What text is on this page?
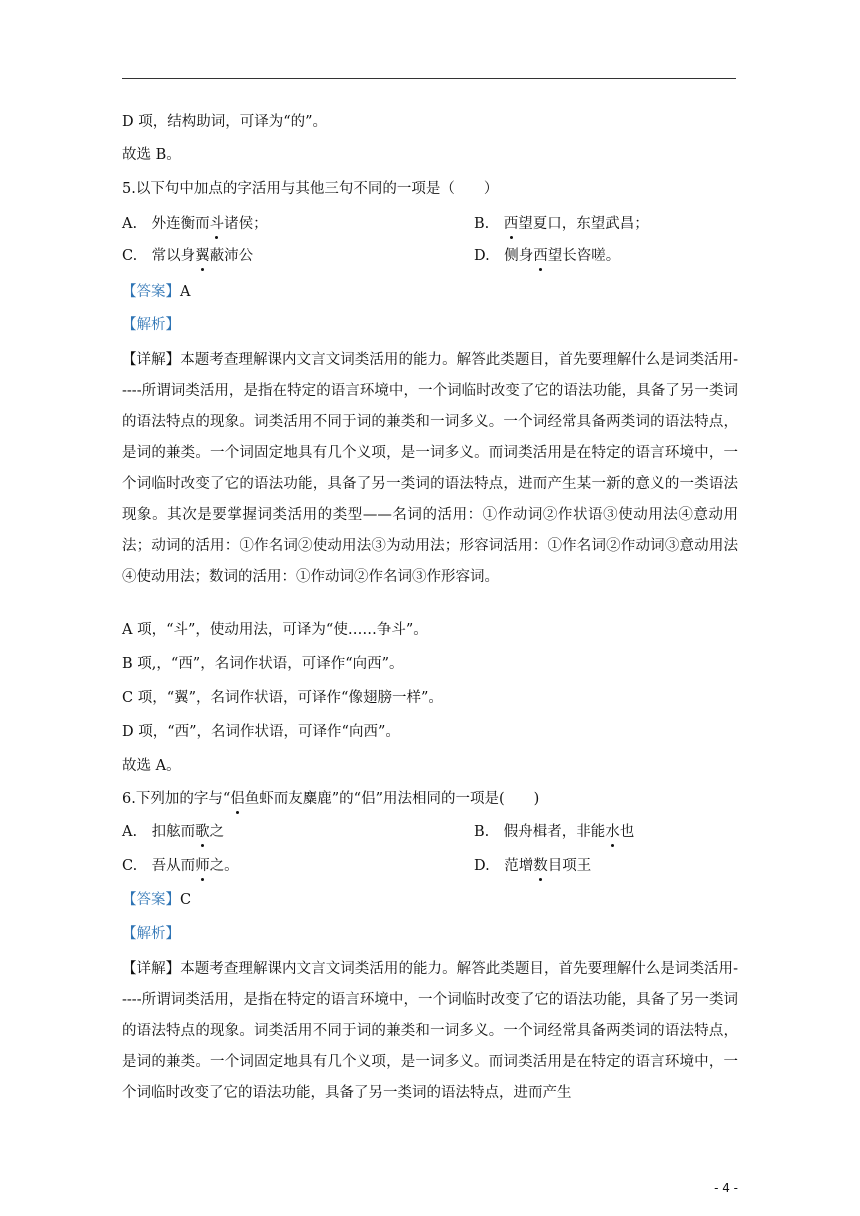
D 项，结构助词，可译为“的”。
故选 B。
5.以下句中加点的字活用与其他三句不同的一项是（　　）
A.　外连衡而斗诸侯；	B.　西望夏口，东望武昌；
C.　常以身翼蔽沛公	D.　侧身西望长咨嗟。
【答案】A
【解析】
【详解】本题考查理解课内文言文词类活用的能力。解答此类题目，首先要理解什么是词类活用-----所谓词类活用，是指在特定的语言环境中，一个词临时改变了它的语法功能，具备了另一类词的语法特点的现象。词类活用不同于词的兼类和一词多义。一个词经常具备两类词的语法特点，是词的兼类。一个词固定地具有几个义项，是一词多义。而词类活用是在特定的语言环境中，一个词临时改变了它的语法功能，具备了另一类词的语法特点，进而产生某一新的意义的一类语法现象。其次是要掌握词类活用的类型——名词的活用：①作动词②作状语③使动用法④意动用法；动词的活用：①作名词②使动用法③为动用法；形容词活用：①作名词②作动词③意动用法④使动用法；数词的活用：①作动词②作名词③作形容词。
A 项，“斗”，使动用法，可译为“使……争斗”。
B 项,，“西”，名词作状语，可译作“向西”。
C 项，“翼”，名词作状语，可译作“像翅膀一样”。
D 项，“西”，名词作状语，可译作“向西”。
故选 A。
6.下列加的字与“侣鱼虾而友麋鹿”的“侣”用法相同的一项是(　　)
A.　扣舷而歌之	B.　假舟楫者，非能水也
C.　吾从而师之。	D.　范增数目项王
【答案】C
【解析】
【详解】本题考查理解课内文言文词类活用的能力。解答此类题目，首先要理解什么是词类活用-----所谓词类活用，是指在特定的语言环境中，一个词临时改变了它的语法功能，具备了另一类词的语法特点的现象。词类活用不同于词的兼类和一词多义。一个词经常具备两类词的语法特点，是词的兼类。一个词固定地具有几个义项，是一词多义。而词类活用是在特定的语言环境中，一个词临时改变了它的语法功能，具备了另一类词的语法特点，进而产生
- 4 -
